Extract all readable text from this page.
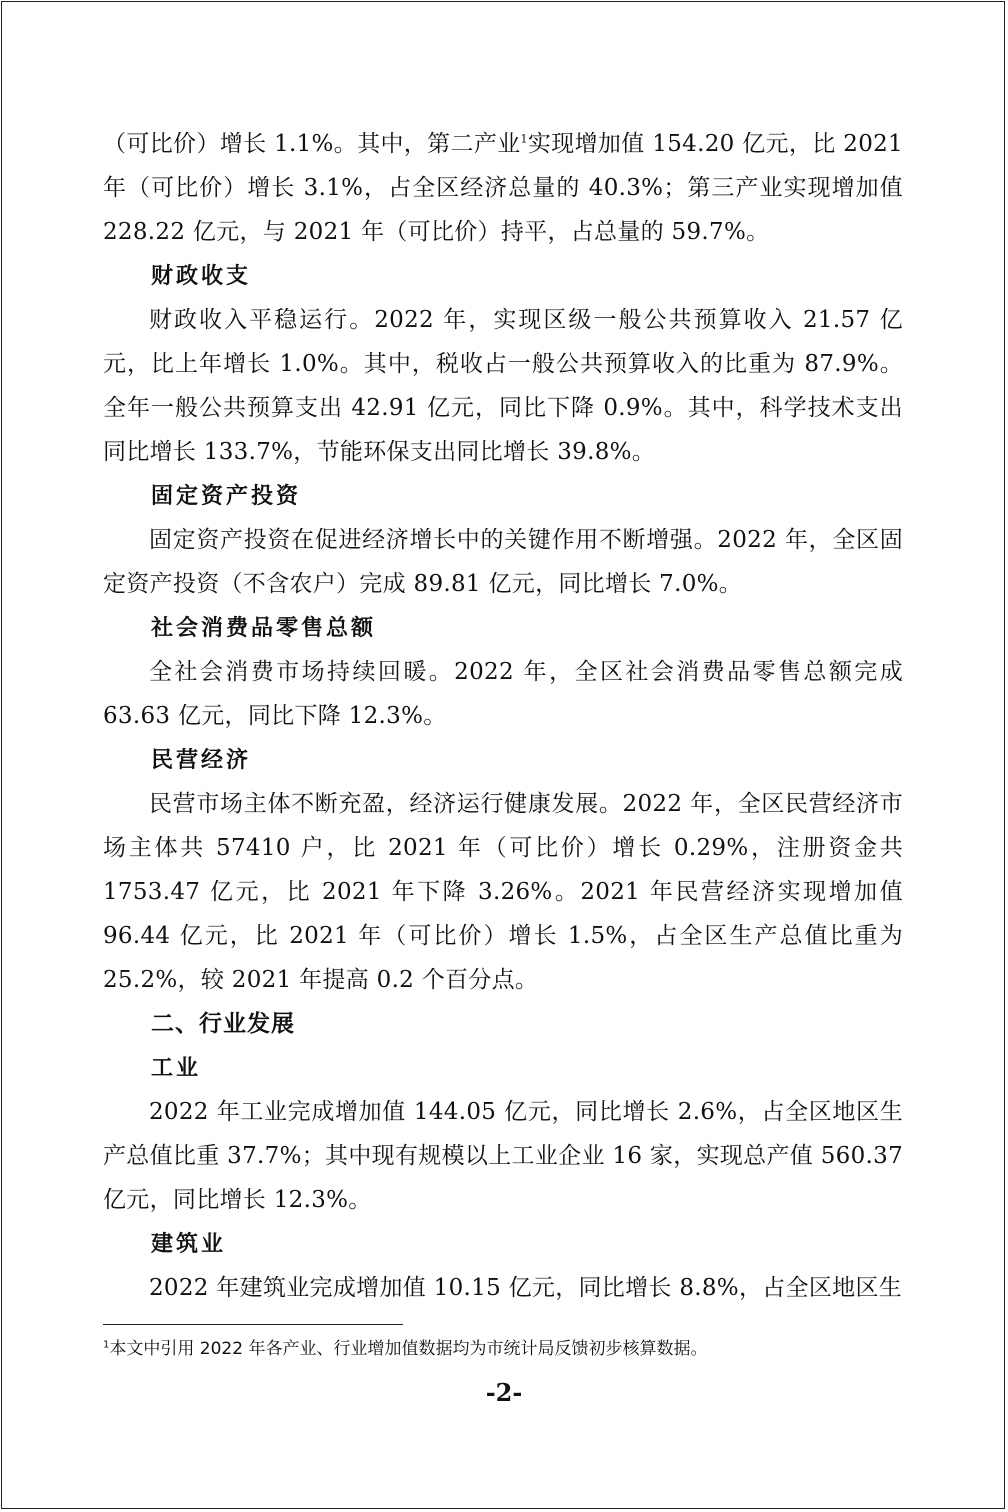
（可比价）增长 1.1%。其中，第二产业$^1$实现增加值 154.20 亿元，比 2021 年（可比价）增长 3.1%，占全区经济总量的 40.3%；第三产业实现增加值 228.22 亿元，与 2021 年（可比价）持平，占总量的 59.7%。

财政收支

财政收入平稳运行。2022 年，实现区级一般公共预算收入 21.57 亿元，比上年增长 1.0%。其中，税收占一般公共预算收入的比重为 87.9%。全年一般公共预算支出 42.91 亿元，同比下降 0.9%。其中，科学技术支出同比增长 133.7%，节能环保支出同比增长 39.8%。

固定资产投资

固定资产投资在促进经济增长中的关键作用不断增强。2022 年，全区固定资产投资（不含农户）完成 89.81 亿元，同比增长 7.0%。

社会消费品零售总额

全社会消费市场持续回暖。2022 年，全区社会消费品零售总额完成 63.63 亿元，同比下降 12.3%。

民营经济

民营市场主体不断充盈，经济运行健康发展。2022 年，全区民营经济市场主体共 57410 户，比 2021 年（可比价）增长 0.29%，注册资金共 1753.47 亿元，比 2021 年下降 3.26%。2021 年民营经济实现增加值 96.44 亿元，比 2021 年（可比价）增长 1.5%，占全区生产总值比重为 25.2%，较 2021 年提高 0.2 个百分点。

二、行业发展

工业

2022 年工业完成增加值 144.05 亿元，同比增长 2.6%，占全区地区生产总值比重 37.7%；其中现有规模以上工业企业 16 家，实现总产值 560.37 亿元，同比增长 12.3%。

建筑业

2022 年建筑业完成增加值 10.15 亿元，同比增长 8.8%，占全区地区生

$^1$本文中引用 2022 年各产业、行业增加值数据均为市统计局反馈初步核算数据。
-2-
